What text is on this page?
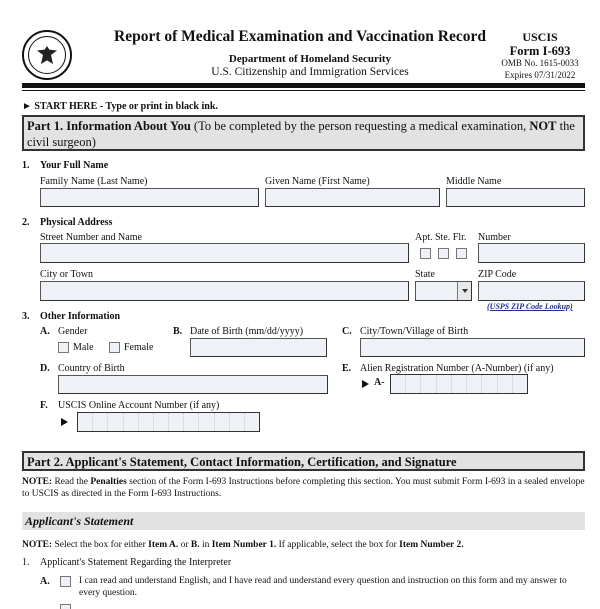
Report of Medical Examination and Vaccination Record
Department of Homeland Security
U.S. Citizenship and Immigration Services
USCIS
Form I-693
OMB No. 1615-0033
Expires 07/31/2022
► START HERE - Type or print in black ink.
Part 1. Information About You (To be completed by the person requesting a medical examination, NOT the civil surgeon)
1. Your Full Name
Family Name (Last Name)	Given Name (First Name)	Middle Name
2. Physical Address
Street Number and Name	Apt. Ste. Flr. Number
City or Town	State	ZIP Code
(USPS ZIP Code Lookup)
3. Other Information
A. Gender
Male	Female
B. Date of Birth (mm/dd/yyyy)	C. City/Town/Village of Birth
D. Country of Birth	E. Alien Registration Number (A-Number) (if any)
A-
F. USCIS Online Account Number (if any)
Part 2. Applicant's Statement, Contact Information, Certification, and Signature
NOTE: Read the Penalties section of the Form I-693 Instructions before completing this section. You must submit Form I-693 in a sealed envelope to USCIS as directed in the Form I-693 Instructions.
Applicant's Statement
NOTE: Select the box for either Item A. or B. in Item Number 1. If applicable, select the box for Item Number 2.
1. Applicant's Statement Regarding the Interpreter
A.	I can read and understand English, and I have read and understand every question and instruction on this form and my answer to every question.
